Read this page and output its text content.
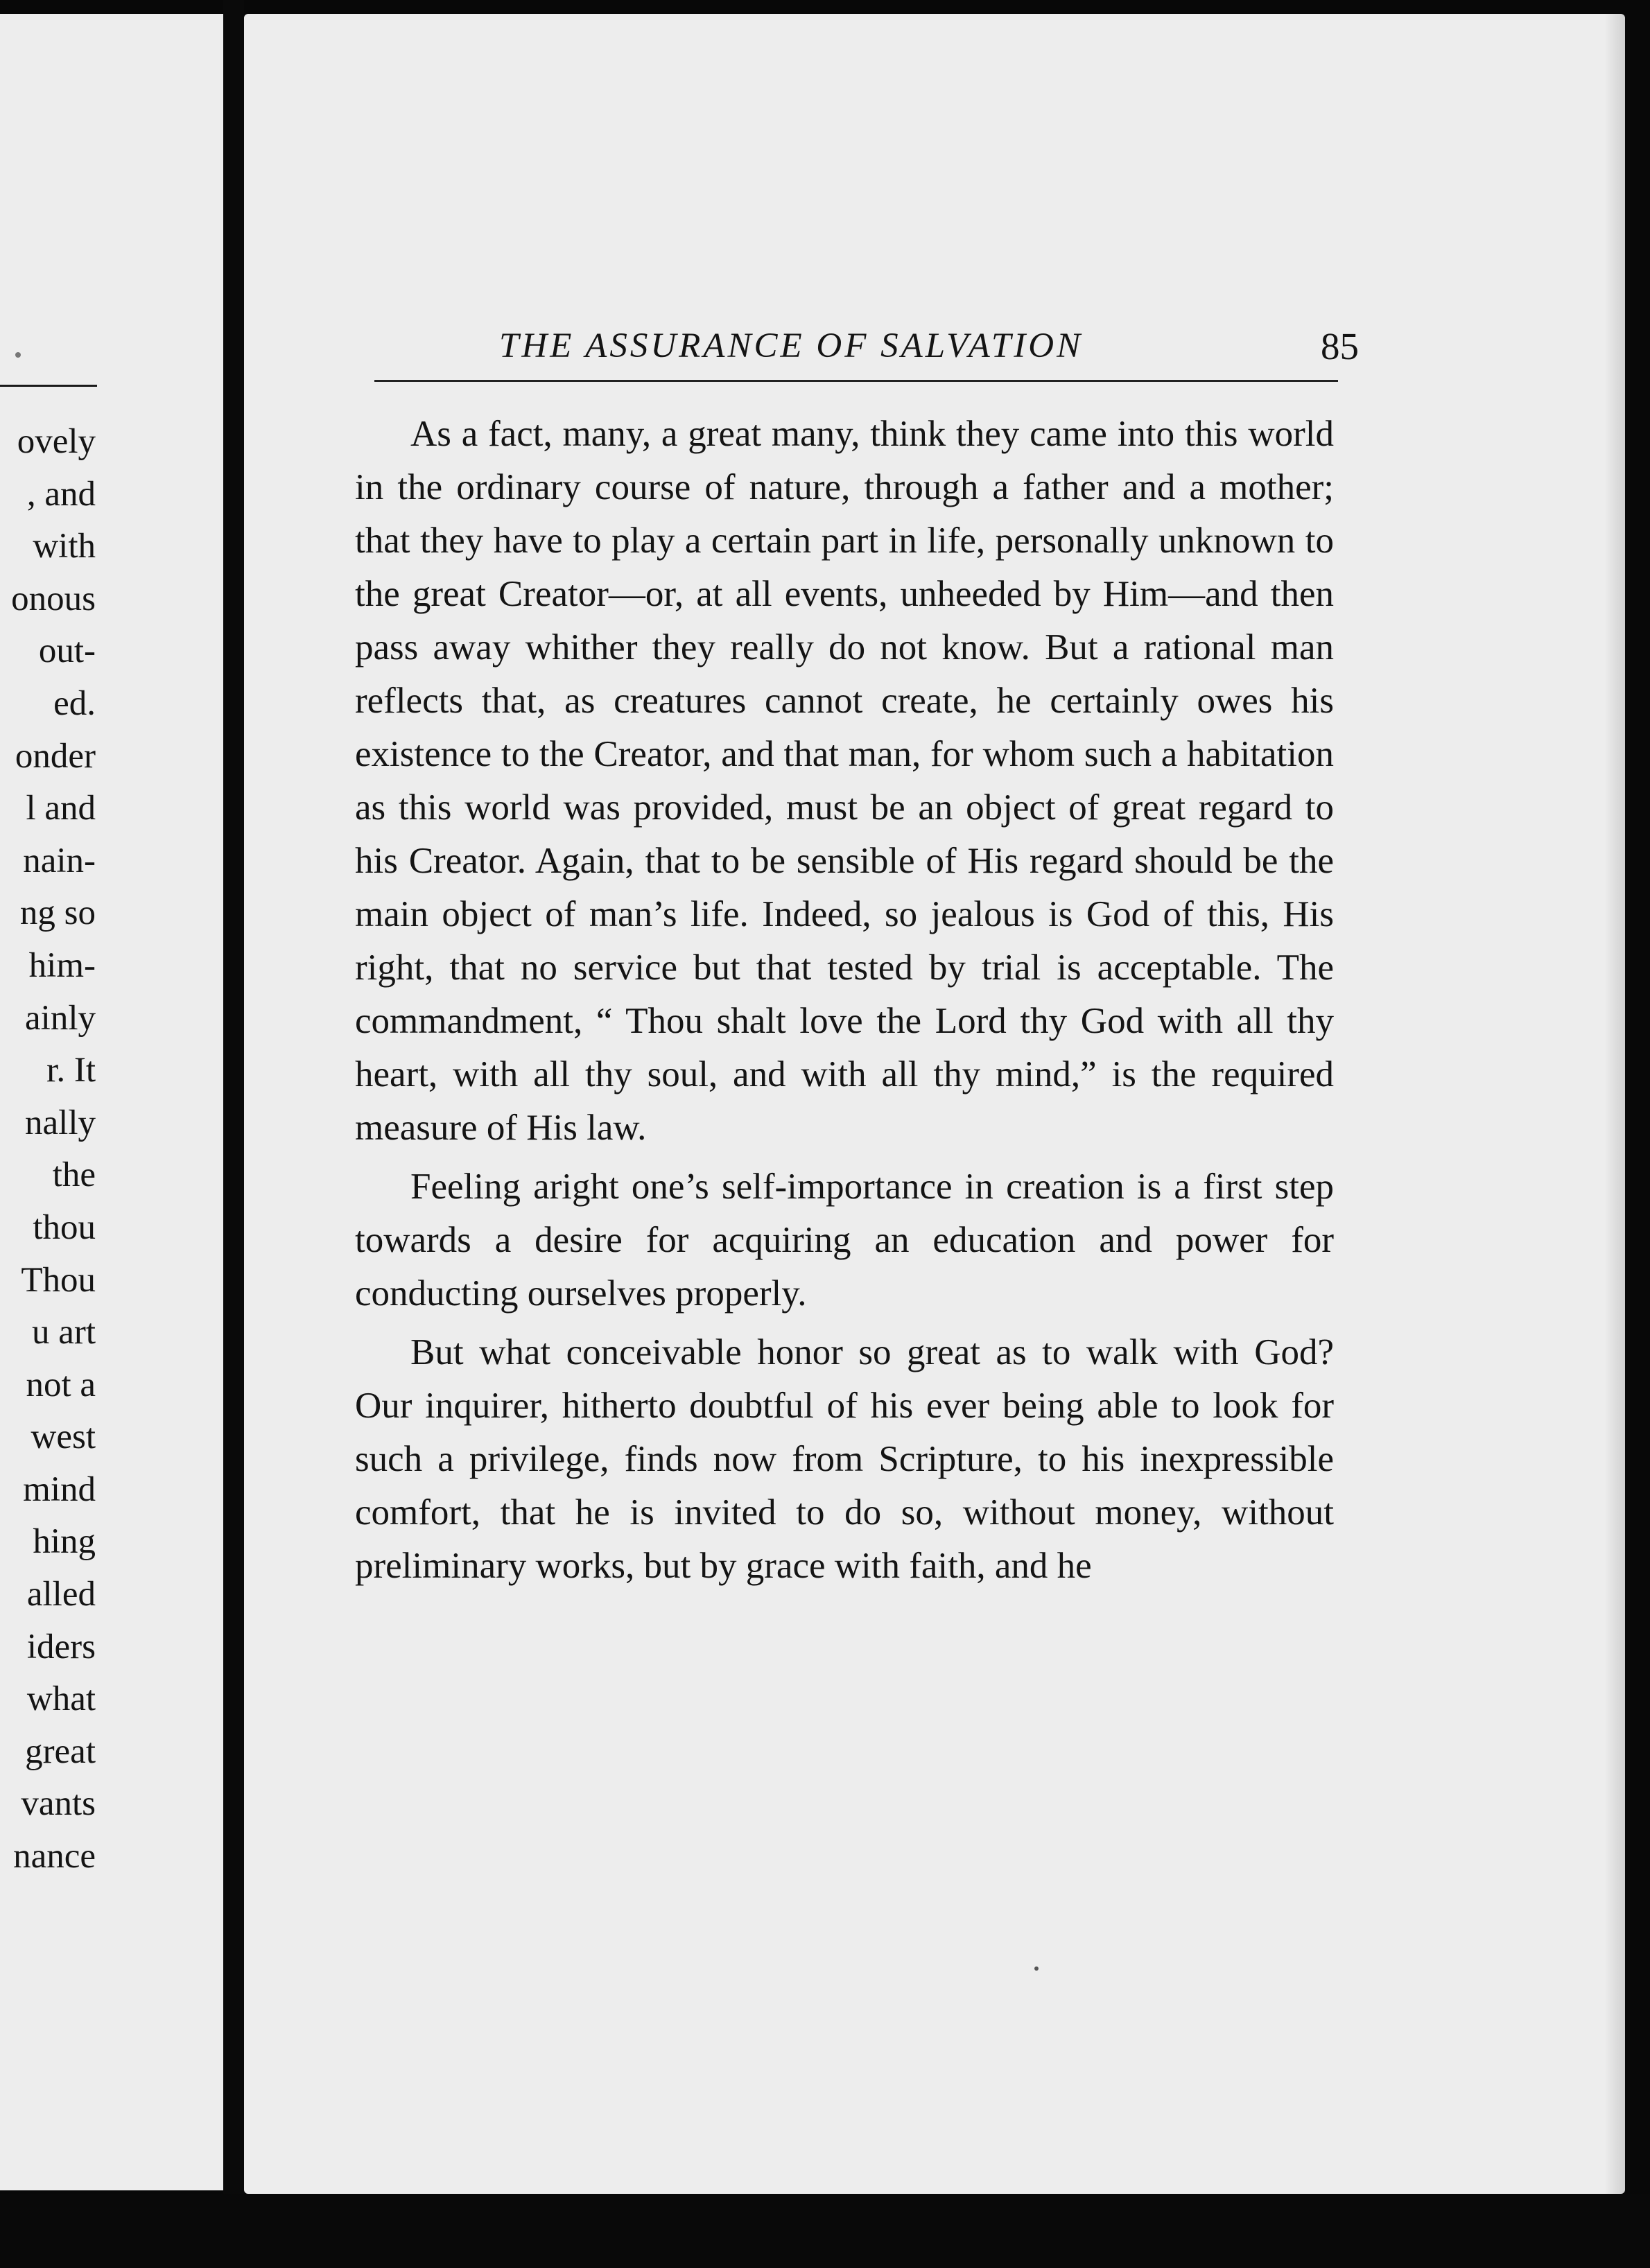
ovely
, and
with
onous
out-
ed.
onder
l and
nain-
ng so
him-
ainly
r. It
nally
the
thou
Thou
u art
not a
west
mind
hing
alled
iders
what
great
vants
nance
THE ASSURANCE OF SALVATION	85

As a fact, many, a great many, think they came into this world in the ordinary course of nature, through a father and a mother; that they have to play a certain part in life, personally unknown to the great Creator—or, at all events, unheeded by Him—and then pass away whither they really do not know. But a rational man reflects that, as creatures cannot create, he certainly owes his existence to the Creator, and that man, for whom such a habitation as this world was provided, must be an object of great regard to his Creator. Again, that to be sensible of His regard should be the main object of man’s life. Indeed, so jealous is God of this, His right, that no service but that tested by trial is acceptable. The commandment, “ Thou shalt love the Lord thy God with all thy heart, with all thy soul, and with all thy mind,” is the required measure of His law.

Feeling aright one’s self-importance in creation is a first step towards a desire for acquiring an education and power for conducting ourselves properly.

But what conceivable honor so great as to walk with God? Our inquirer, hitherto doubtful of his ever being able to look for such a privilege, finds now from Scripture, to his inexpressible comfort, that he is invited to do so, without money, without preliminary works, but by grace with faith, and he
